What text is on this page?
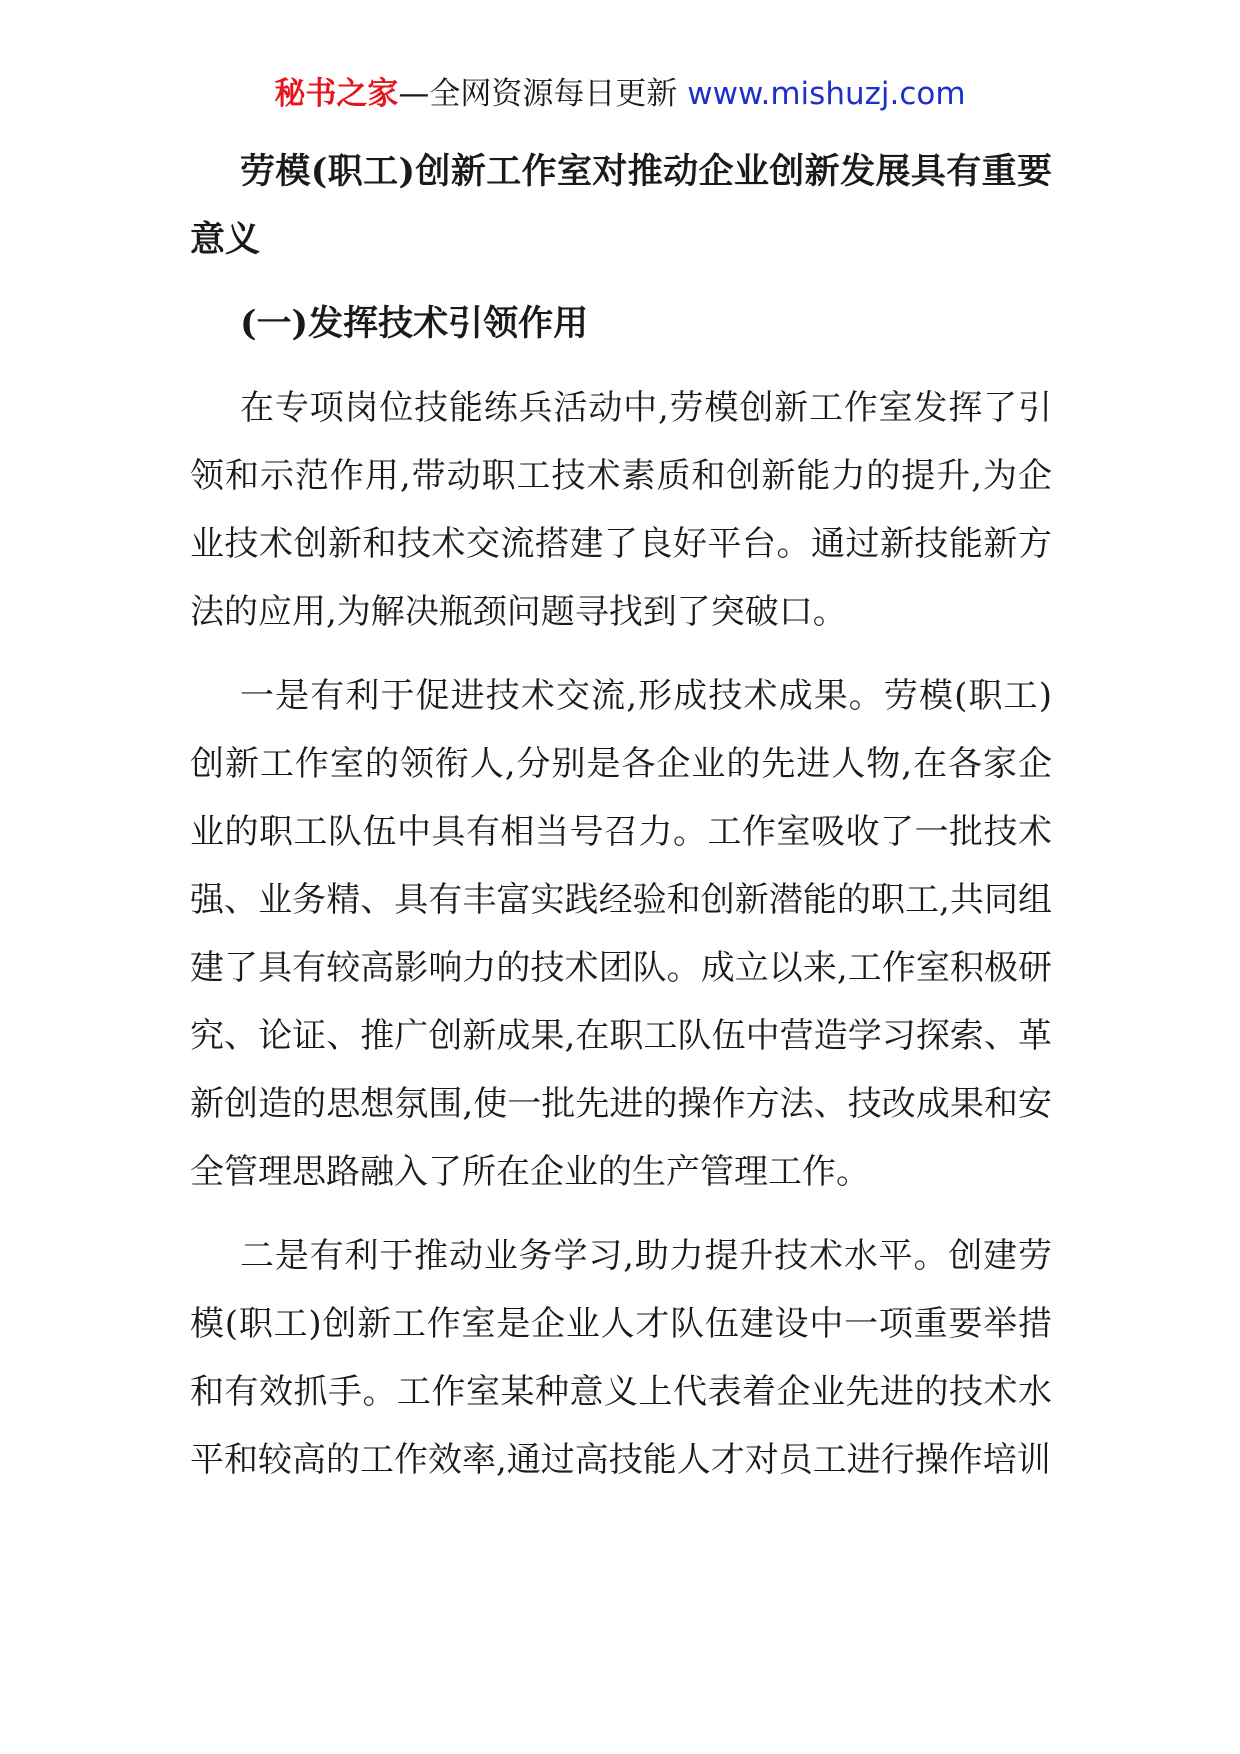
秘书之家—全网资源每日更新 www.mishuzj.com
劳模(职工)创新工作室对推动企业创新发展具有重要意义
(一)发挥技术引领作用

在专项岗位技能练兵活动中,劳模创新工作室发挥了引领和示范作用,带动职工技术素质和创新能力的提升,为企业技术创新和技术交流搭建了良好平台。通过新技能新方法的应用,为解决瓶颈问题寻找到了突破口。

一是有利于促进技术交流,形成技术成果。劳模(职工)创新工作室的领衔人,分别是各企业的先进人物,在各家企业的职工队伍中具有相当号召力。工作室吸收了一批技术强、业务精、具有丰富实践经验和创新潜能的职工,共同组建了具有较高影响力的技术团队。成立以来,工作室积极研究、论证、推广创新成果,在职工队伍中营造学习探索、革新创造的思想氛围,使一批先进的操作方法、技改成果和安全管理思路融入了所在企业的生产管理工作。

二是有利于推动业务学习,助力提升技术水平。创建劳模(职工)创新工作室是企业人才队伍建设中一项重要举措和有效抓手。工作室某种意义上代表着企业先进的技术水平和较高的工作效率,通过高技能人才对员工进行操作培训
